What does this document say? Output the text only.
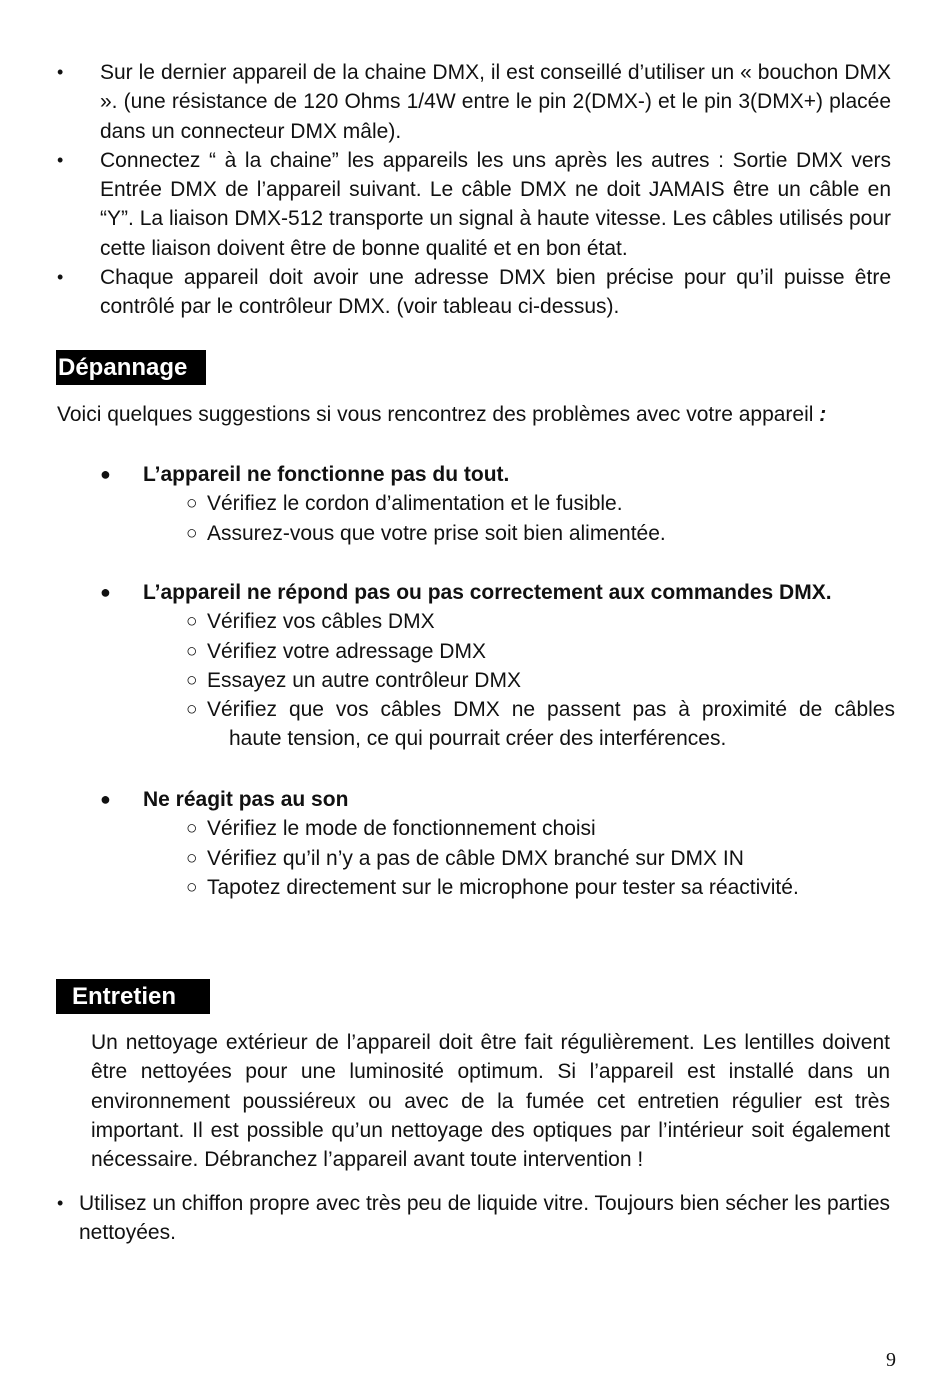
•	Sur le dernier appareil de la chaine DMX, il est conseillé d’utiliser un « bouchon DMX ». (une résistance de 120 Ohms 1/4W entre le pin 2(DMX-) et le pin 3(DMX+) placée dans un connecteur DMX mâle).
•	Connectez “ à la chaine” les appareils les uns après les autres : Sortie DMX vers Entrée DMX de l’appareil suivant. Le câble DMX ne doit JAMAIS être un câble en “Y”. La liaison DMX-512 transporte un signal à haute vitesse. Les câbles utilisés pour cette liaison doivent être de bonne qualité et en bon état.
•	Chaque appareil doit avoir une adresse DMX bien précise pour qu’il puisse être contrôlé par le contrôleur DMX. (voir tableau ci-dessus).
Dépannage
Voici quelques suggestions si vous rencontrez des problèmes avec votre appareil :
● L’appareil ne fonctionne pas du tout.
○ Vérifiez le cordon d’alimentation et le fusible.
○ Assurez-vous que votre prise soit bien alimentée.
● L’appareil ne répond pas ou pas correctement aux commandes DMX.
○ Vérifiez vos câbles DMX
○ Vérifiez votre adressage DMX
○ Essayez un autre contrôleur DMX
○ Vérifiez que vos câbles DMX ne passent pas à proximité de câbles
haute tension, ce qui pourrait créer des interférences.
● Ne réagit pas au son
○ Vérifiez le mode de fonctionnement choisi
○ Vérifiez qu’il n’y a pas de câble DMX branché sur DMX IN
○ Tapotez directement sur le microphone pour tester sa réactivité.
Entretien
Un nettoyage extérieur de l’appareil doit être fait régulièrement. Les lentilles doivent être nettoyées pour une luminosité optimum. Si l’appareil est installé dans un environnement poussiéreux ou avec de la fumée cet entretien régulier est très important. Il est possible qu’un nettoyage des optiques par l’intérieur soit également nécessaire. Débranchez l’appareil avant toute intervention !
• Utilisez un chiffon propre avec très peu de liquide vitre. Toujours bien sécher les parties nettoyées.
9
